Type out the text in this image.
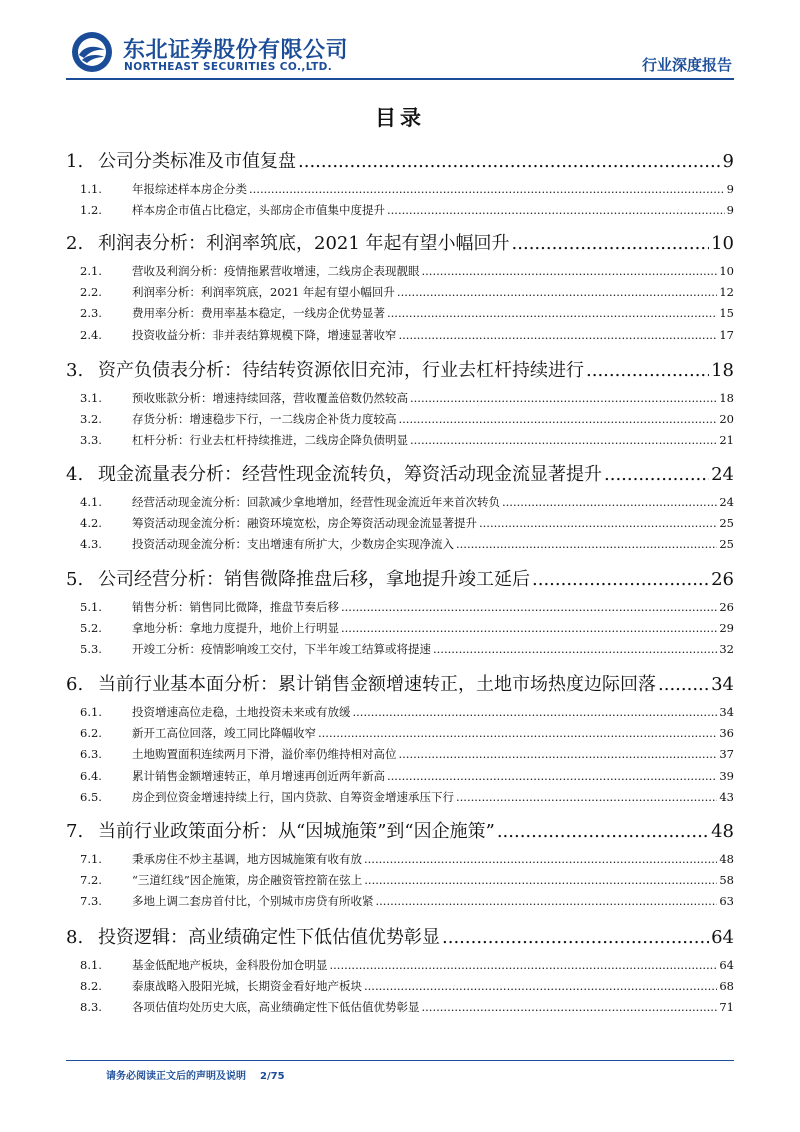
东北证券股份有限公司
NORTHEAST SECURITIES CO.,LTD.	行业深度报告
目录
1. 公司分类标准及市值复盘 .....	9
1.1.	年报综述样本房企分类 .....	9
1.2.	样本房企市值占比稳定，头部房企市值集中度提升 .....	9
2. 利润表分析：利润率筑底，2021 年起有望小幅回升 .....	10
2.1.	营收及利润分析：疫情拖累营收增速，二线房企表现靓眼 .....	10
2.2.	利润率分析：利润率筑底，2021 年起有望小幅回升 .....	12
2.3.	费用率分析：费用率基本稳定，一线房企优势显著 .....	15
2.4.	投资收益分析：非并表结算规模下降，增速显著收窄 .....	17
3. 资产负债表分析：待结转资源依旧充沛，行业去杠杆持续进行 .....	18
3.1.	预收账款分析：增速持续回落，营收覆盖倍数仍然较高 .....	18
3.2.	存货分析：增速稳步下行，一二线房企补货力度较高 .....	20
3.3.	杠杆分析：行业去杠杆持续推进，二线房企降负债明显 .....	21
4. 现金流量表分析：经营性现金流转负，筹资活动现金流显著提升 .....	24
4.1.	经营活动现金流分析：回款减少拿地增加，经营性现金流近年来首次转负 .....	24
4.2.	筹资活动现金流分析：融资环境宽松，房企筹资活动现金流显著提升 .....	25
4.3.	投资活动现金流分析：支出增速有所扩大，少数房企实现净流入 .....	25
5. 公司经营分析：销售微降推盘后移，拿地提升竣工延后 .....	26
5.1.	销售分析：销售同比微降，推盘节奏后移 .....	26
5.2.	拿地分析：拿地力度提升，地价上行明显 .....	29
5.3.	开竣工分析：疫情影响竣工交付，下半年竣工结算或将提速 .....	32
6. 当前行业基本面分析：累计销售金额增速转正，土地市场热度边际回落 .....	34
6.1.	投资增速高位走稳，土地投资未来或有放缓 .....	34
6.2.	新开工高位回落，竣工同比降幅收窄 .....	36
6.3.	土地购置面积连续两月下滑，溢价率仍维持相对高位 .....	37
6.4.	累计销售金额增速转正，单月增速再创近两年新高 .....	39
6.5.	房企到位资金增速持续上行，国内贷款、自筹资金增速承压下行 .....	43
7. 当前行业政策面分析：从“因城施策”到“因企施策” .....	48
7.1.	秉承房住不炒主基调，地方因城施策有收有放 .....	48
7.2.	“三道红线”因企施策，房企融资管控箭在弦上 .....	58
7.3.	多地上调二套房首付比，个别城市房贷有所收紧 .....	63
8. 投资逻辑：高业绩确定性下低估值优势彰显 .....	64
8.1.	基金低配地产板块，金科股份加仓明显 .....	64
8.2.	泰康战略入股阳光城，长期资金看好地产板块 .....	68
8.3.	各项估值均处历史大底，高业绩确定性下低估值优势彰显 .....	71
请务必阅读正文后的声明及说明 2/75
